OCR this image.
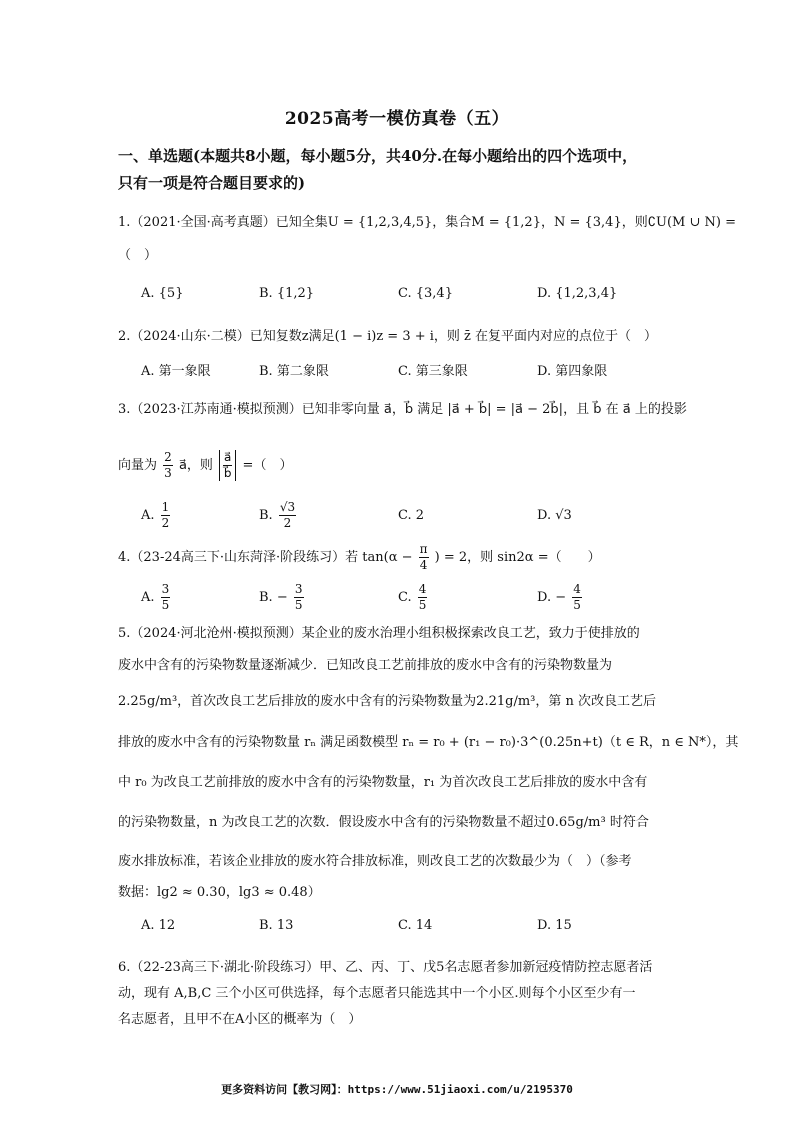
2025高考一模仿真卷（五）
一、单选题(本题共8小题，每小题5分，共40分.在每小题给出的四个选项中，
只有一项是符合题目要求的)
1.（2021·全国·高考真题）已知全集U = {1,2,3,4,5}，集合M = {1,2}，N = {3,4}，则∁U(M ∪ N) =
（　）
A. {5}	B. {1,2}	C. {3,4}	D. {1,2,3,4}
2.（2024·山东·二模）已知复数z满足(1 − i)z = 3 + i，则 z̄ 在复平面内对应的点位于（　）
A. 第一象限	B. 第二象限	C. 第三象限	D. 第四象限
3.（2023·江苏南通·模拟预测）已知非零向量 a⃗，b⃗ 满足 |a⃗ + b⃗| = |a⃗ − 2b⃗|，且 b⃗ 在 a⃗ 上的投影
向量为 $\frac{2}{3}$ a⃗，则 $\frac{a⃗}{b⃗}$ =（　）
A. $\frac{1}{2}$	B. $\frac{√3}{2}$	C. 2	D. √3
4.（23-24高三下·山东菏泽·阶段练习）若 $\tan(\alpha - \frac{\pi}{4}$ ) = 2，则 sin2α =（　　）
A. $\frac{3}{5}$	B. − $\frac{3}{5}$	C. $\frac{4}{5}$	D. − $\frac{4}{5}$
5.（2024·河北沧州·模拟预测）某企业的废水治理小组积极探索改良工艺，致力于使排放的
废水中含有的污染物数量逐渐减少．已知改良工艺前排放的废水中含有的污染物数量为
2.25g/m³，首次改良工艺后排放的废水中含有的污染物数量为2.21g/m³，第 n 次改良工艺后
排放的废水中含有的污染物数量 rₙ 满足函数模型 rₙ = r₀ + (r₁ − r₀)·3^(0.25n+t)（t ∈ R，n ∈ N*），其
中 r₀ 为改良工艺前排放的废水中含有的污染物数量，r₁ 为首次改良工艺后排放的废水中含有
的污染物数量，n 为改良工艺的次数．假设废水中含有的污染物数量不超过0.65g/m³ 时符合
废水排放标准，若该企业排放的废水符合排放标准，则改良工艺的次数最少为（　）（参考
数据：lg2 ≈ 0.30，lg3 ≈ 0.48）
A. 12	B. 13	C. 14	D. 15
6.（22-23高三下·湖北·阶段练习）甲、乙、丙、丁、戊5名志愿者参加新冠疫情防控志愿者活
动，现有 A,B,C 三个小区可供选择，每个志愿者只能选其中一个小区.则每个小区至少有一
名志愿者，且甲不在A小区的概率为（　）
更多资料访问【教习网】：https://www.51jiaoxi.com/u/2195370
